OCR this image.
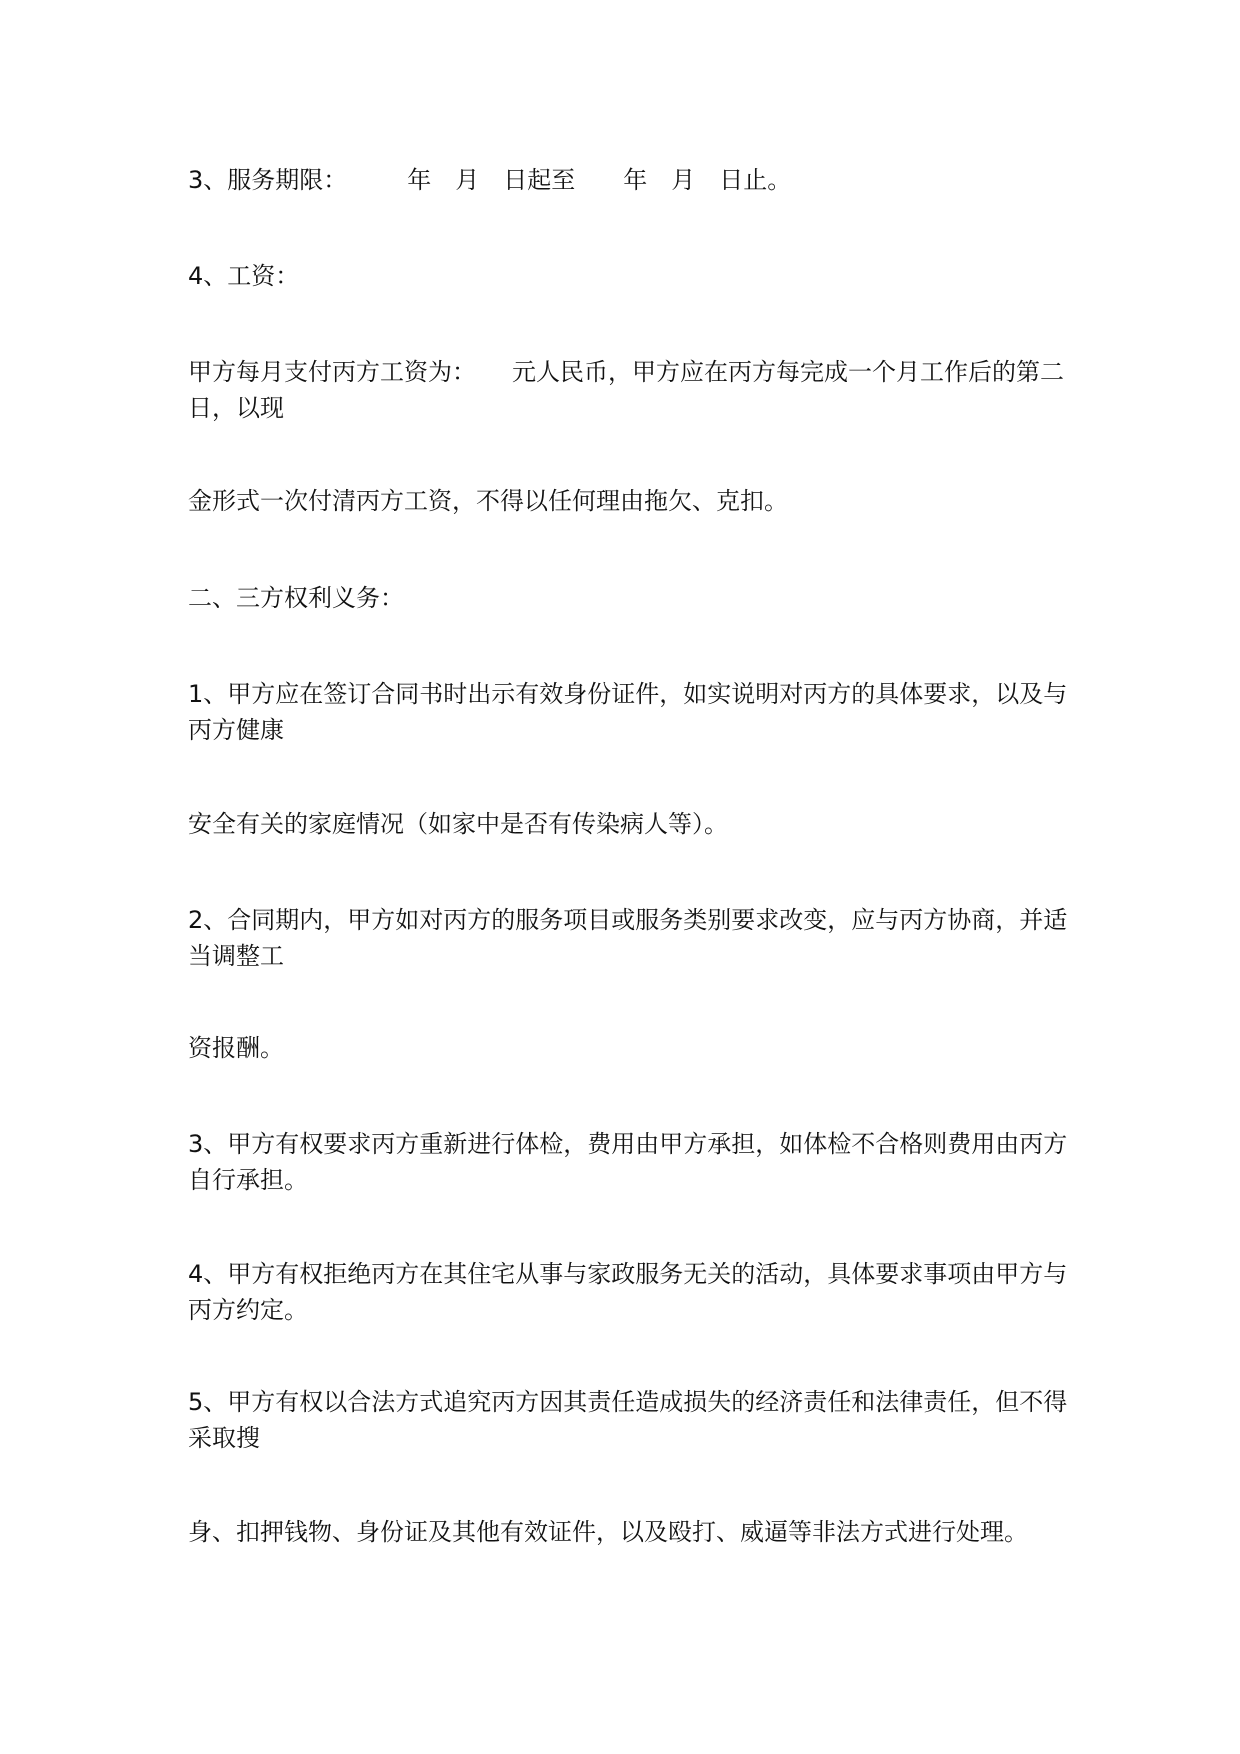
3、服务期限：　　　年　月　日起至　　年　月　日止。

4、工资：

甲方每月支付丙方工资为：　　元人民币，甲方应在丙方每完成一个月工作后的第二日，以现

金形式一次付清丙方工资，不得以任何理由拖欠、克扣。

二、三方权利义务：

1、甲方应在签订合同书时出示有效身份证件，如实说明对丙方的具体要求，以及与丙方健康

安全有关的家庭情况（如家中是否有传染病人等）。

2、合同期内，甲方如对丙方的服务项目或服务类别要求改变，应与丙方协商，并适当调整工

资报酬。

3、甲方有权要求丙方重新进行体检，费用由甲方承担，如体检不合格则费用由丙方自行承担。

4、甲方有权拒绝丙方在其住宅从事与家政服务无关的活动，具体要求事项由甲方与丙方约定。

5、甲方有权以合法方式追究丙方因其责任造成损失的经济责任和法律责任，但不得采取搜

身、扣押钱物、身份证及其他有效证件，以及殴打、威逼等非法方式进行处理。
